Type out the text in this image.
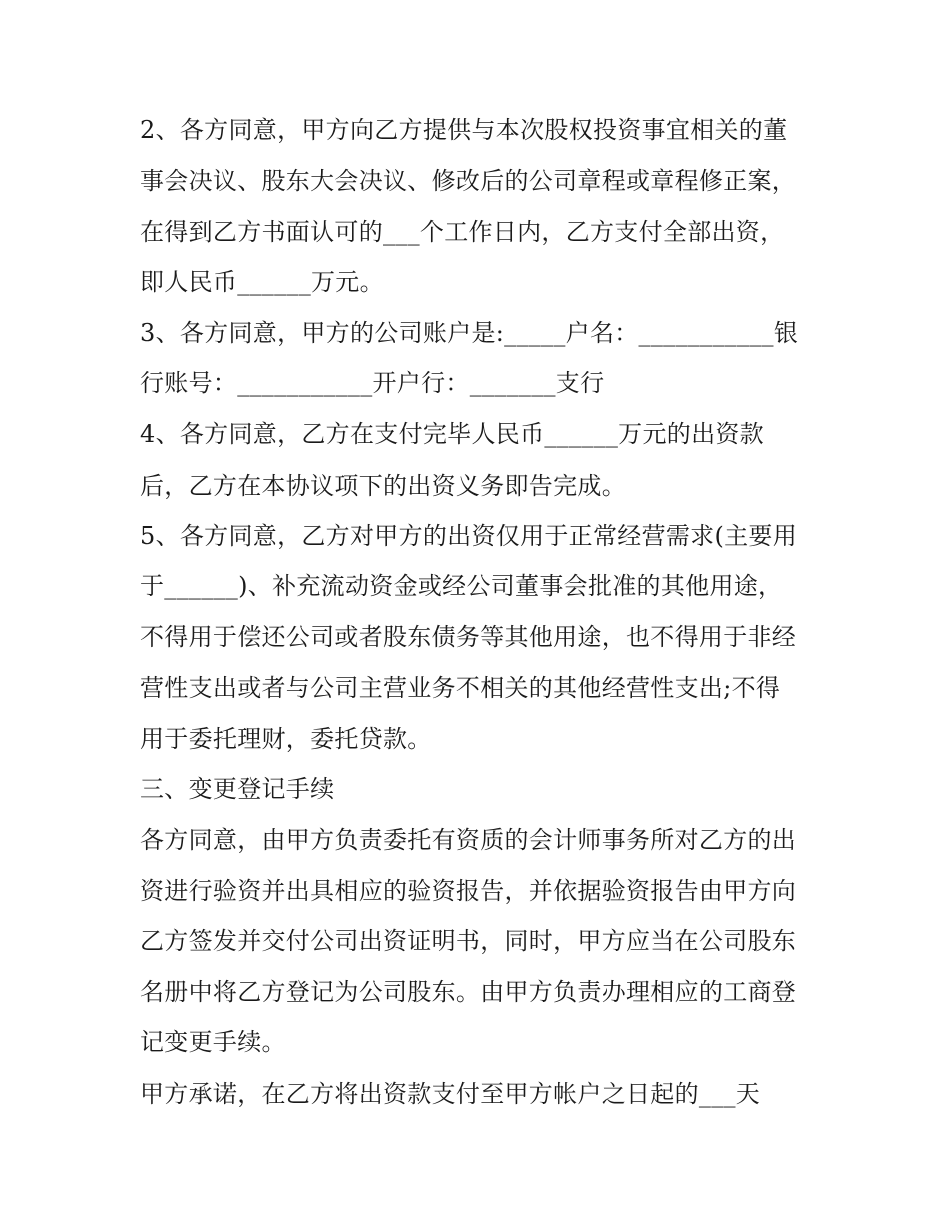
2、各方同意，甲方向乙方提供与本次股权投资事宜相关的董
事会决议、股东大会决议、修改后的公司章程或章程修正案，
在得到乙方书面认可的___个工作日内，乙方支付全部出资，
即人民币______万元。
3、各方同意，甲方的公司账户是:_____户名：___________银
行账号：___________开户行：_______支行
4、各方同意，乙方在支付完毕人民币______万元的出资款
后，乙方在本协议项下的出资义务即告完成。
5、各方同意，乙方对甲方的出资仅用于正常经营需求(主要用
于______)、补充流动资金或经公司董事会批准的其他用途，
不得用于偿还公司或者股东债务等其他用途，也不得用于非经
营性支出或者与公司主营业务不相关的其他经营性支出;不得
用于委托理财，委托贷款。
三、变更登记手续
各方同意，由甲方负责委托有资质的会计师事务所对乙方的出
资进行验资并出具相应的验资报告，并依据验资报告由甲方向
乙方签发并交付公司出资证明书，同时，甲方应当在公司股东
名册中将乙方登记为公司股东。由甲方负责办理相应的工商登
记变更手续。
甲方承诺，在乙方将出资款支付至甲方帐户之日起的___天
